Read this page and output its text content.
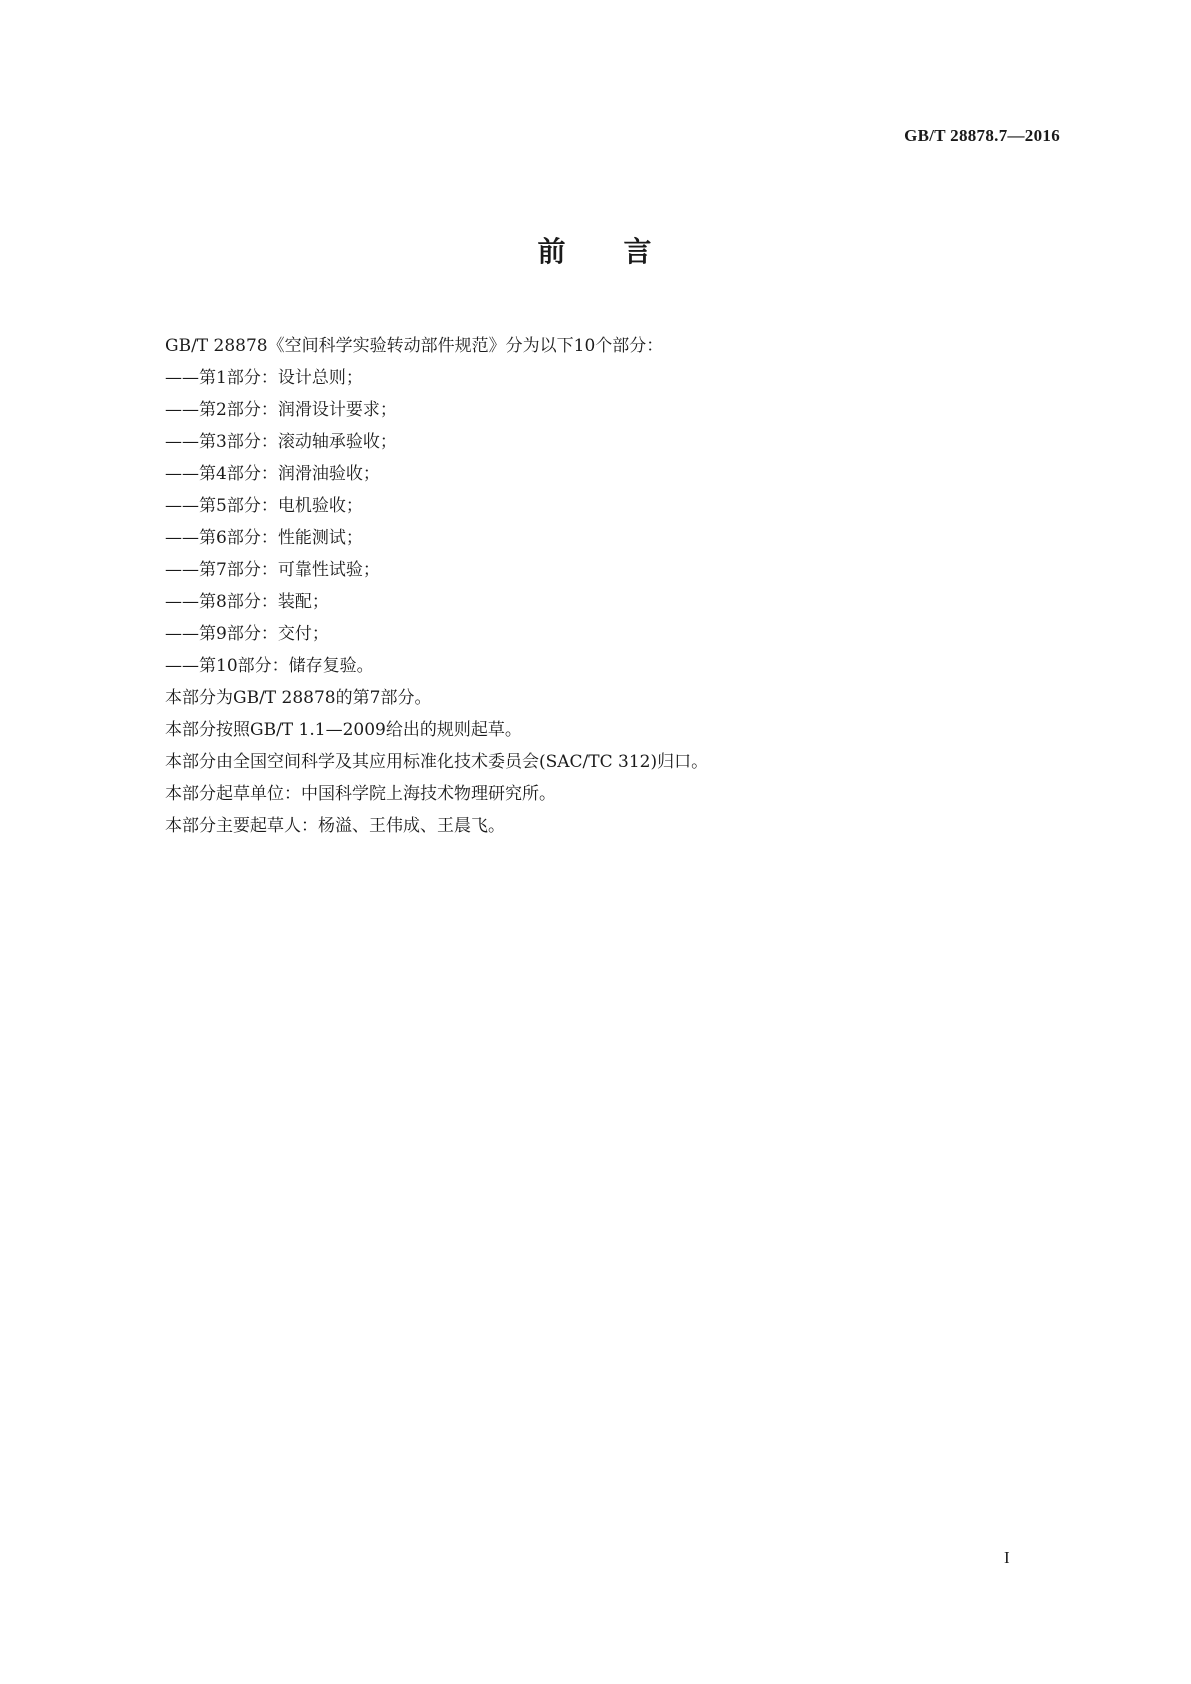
GB/T 28878.7—2016
前 言
GB/T 28878《空间科学实验转动部件规范》分为以下10个部分：
——第1部分：设计总则；
——第2部分：润滑设计要求；
——第3部分：滚动轴承验收；
——第4部分：润滑油验收；
——第5部分：电机验收；
——第6部分：性能测试；
——第7部分：可靠性试验；
——第8部分：装配；
——第9部分：交付；
——第10部分：储存复验。
本部分为GB/T 28878的第7部分。
本部分按照GB/T 1.1—2009给出的规则起草。
本部分由全国空间科学及其应用标准化技术委员会(SAC/TC 312)归口。
本部分起草单位：中国科学院上海技术物理研究所。
本部分主要起草人：杨溢、王伟成、王晨飞。
I
